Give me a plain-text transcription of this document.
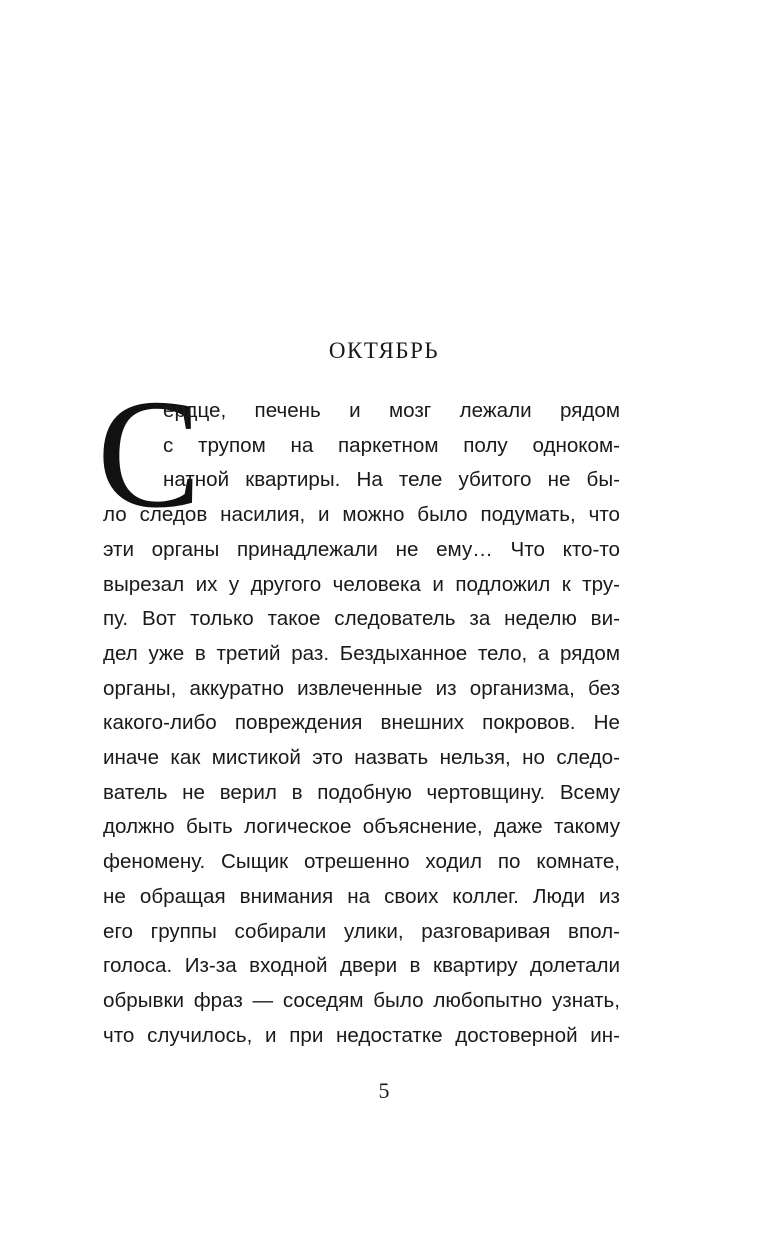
ОКТЯБРЬ
С
ердце, печень и мозг лежали рядом
с трупом на паркетном полу одноком-
натной квартиры. На теле убитого не бы-
ло следов насилия, и можно было подумать, что
эти органы принадлежали не ему… Что кто-то
вырезал их у другого человека и подложил к тру-
пу. Вот только такое следователь за неделю ви-
дел уже в третий раз. Бездыханное тело, а рядом
органы, аккуратно извлеченные из организма, без
какого-либо повреждения внешних покровов. Не
иначе как мистикой это назвать нельзя, но следо-
ватель не верил в подобную чертовщину. Всему
должно быть логическое объяснение, даже такому
феномену. Сыщик отрешенно ходил по комнате,
не обращая внимания на своих коллег. Люди из
его группы собирали улики, разговаривая впол-
голоса. Из-за входной двери в квартиру долетали
обрывки фраз — соседям было любопытно узнать,
что случилось, и при недостатке достоверной ин-
5
